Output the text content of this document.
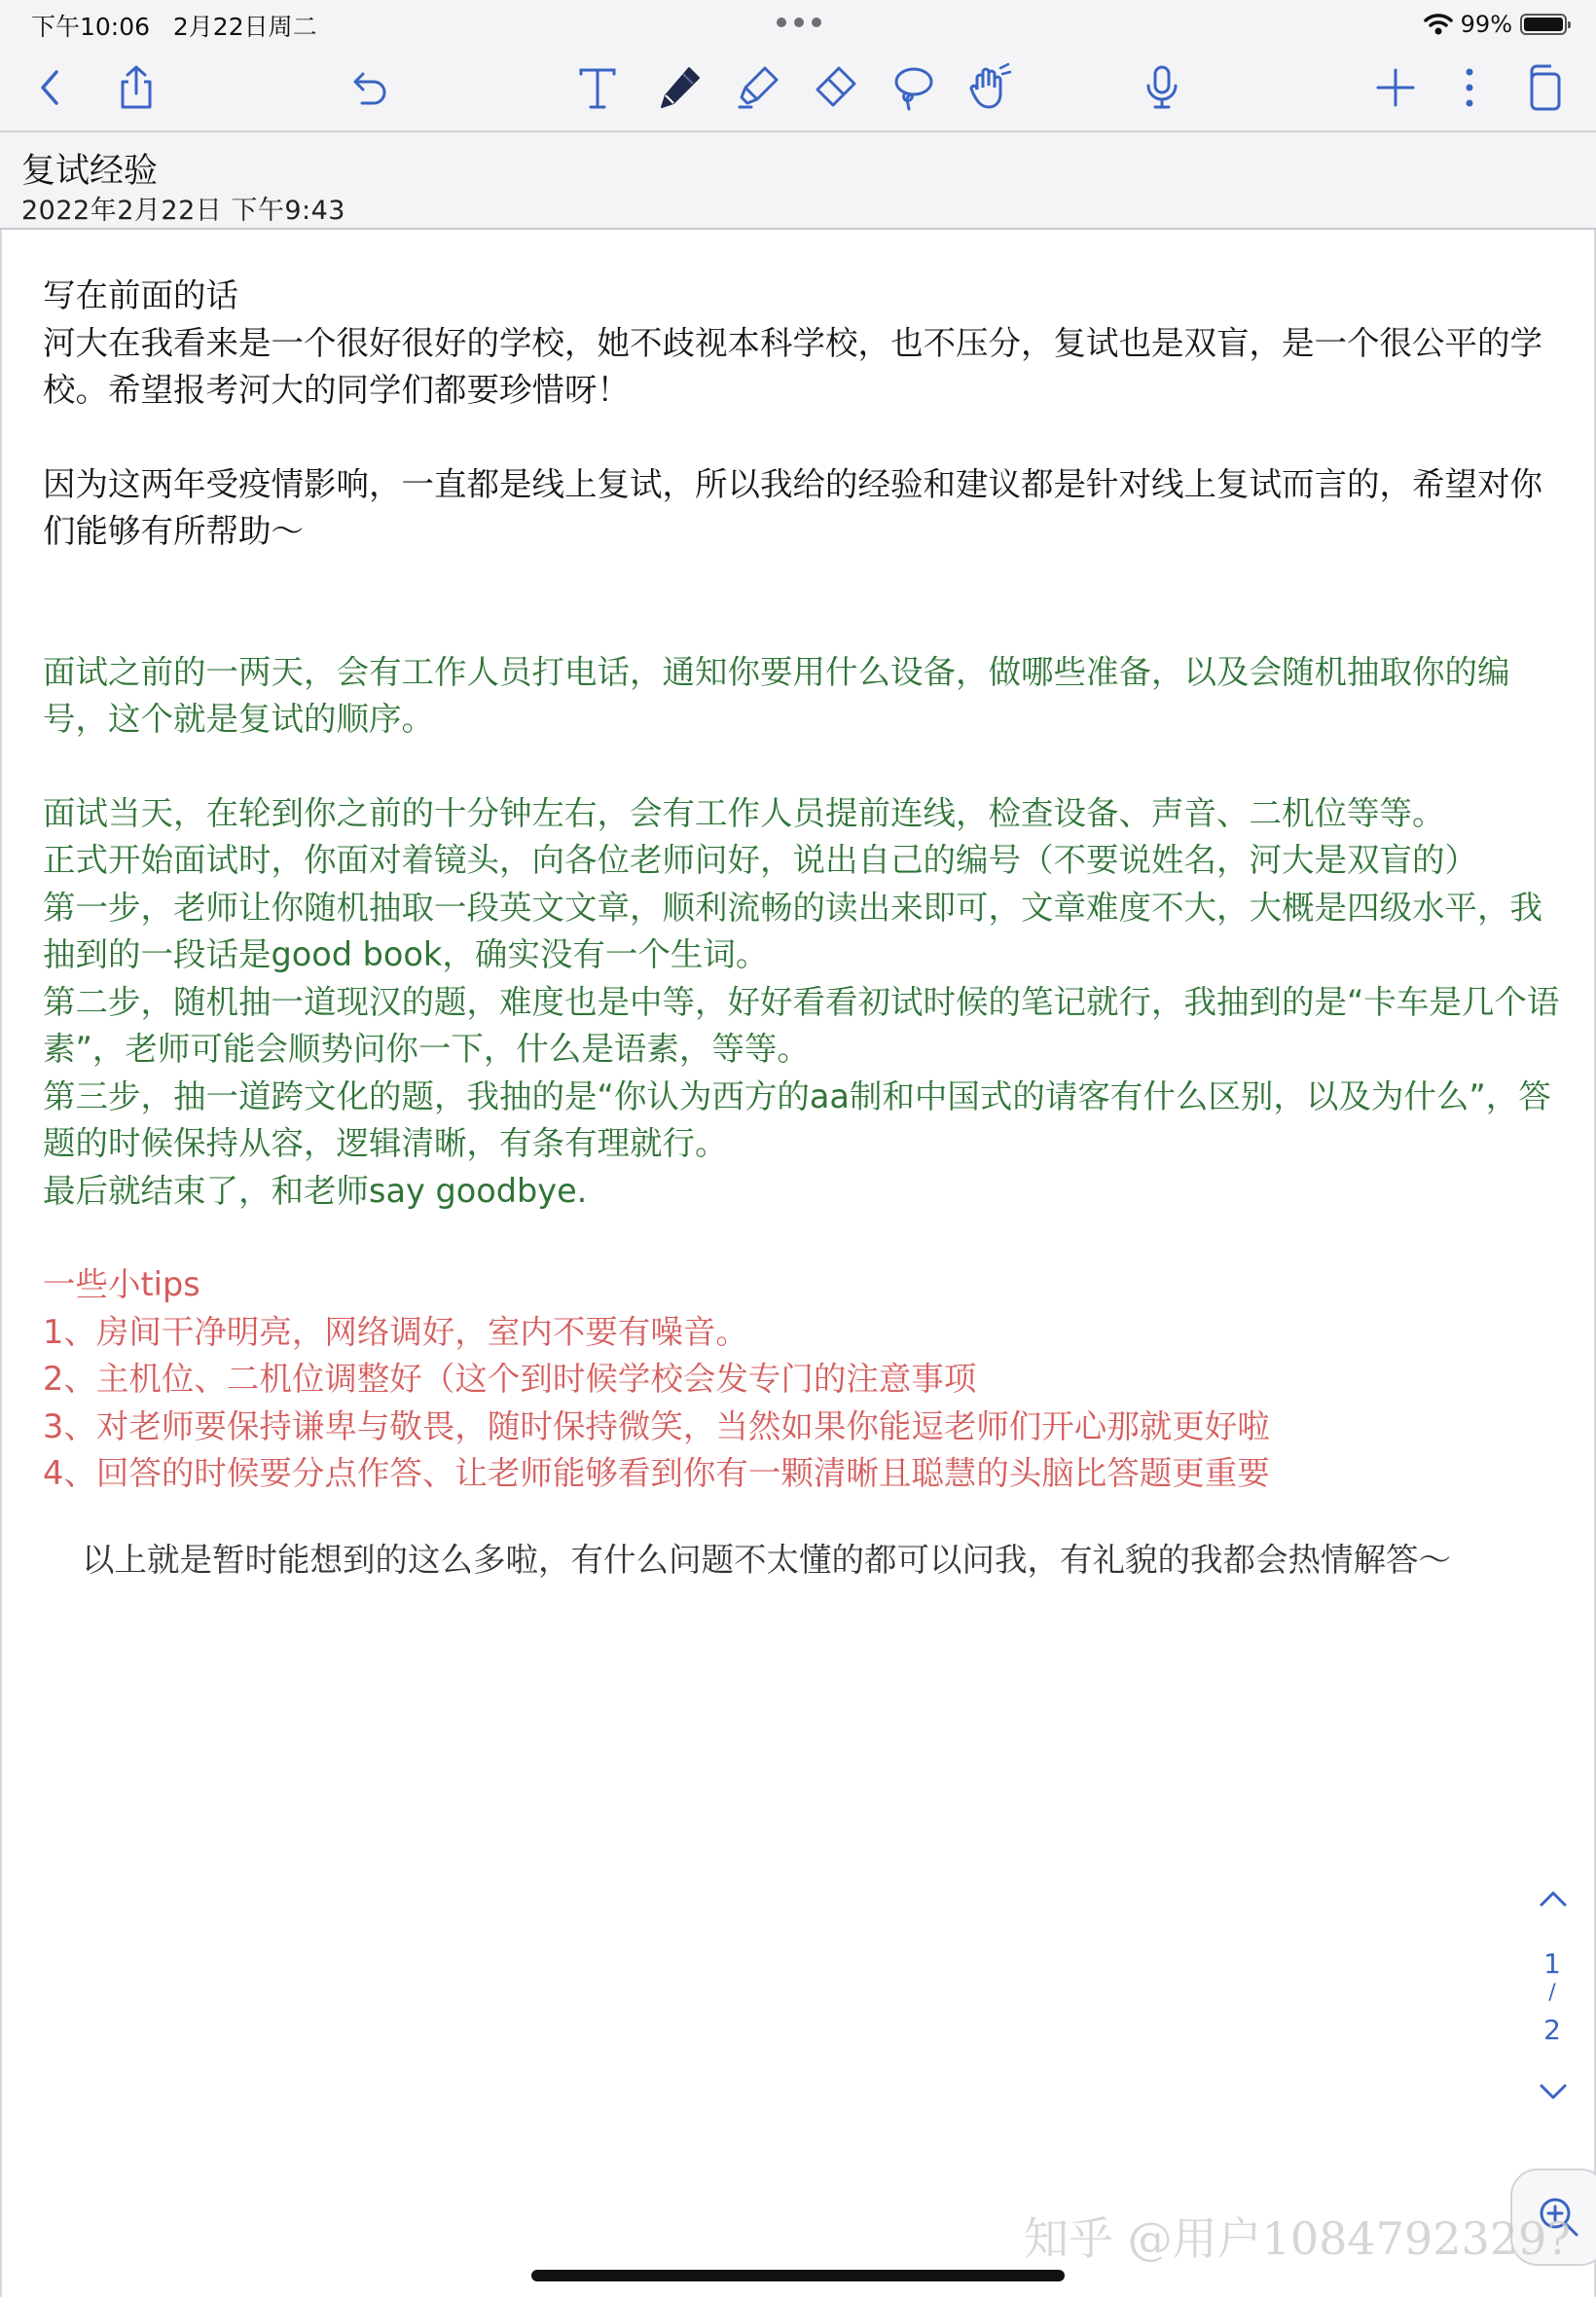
下午10:06 2月22日周二	99%
复试经验
2022年2月22日 下午9:43

写在前面的话

河大在我看来是一个很好很好的学校，她不歧视本科学校，也不压分，复试也是双盲，是一个很公平的学校。希望报考河大的同学们都要珍惜呀！

因为这两年受疫情影响，一直都是线上复试，所以我给的经验和建议都是针对线上复试而言的，希望对你们能够有所帮助～

面试之前的一两天，会有工作人员打电话，通知你要用什么设备，做哪些准备，以及会随机抽取你的编号，这个就是复试的顺序。

面试当天，在轮到你之前的十分钟左右，会有工作人员提前连线，检查设备、声音、二机位等等。

正式开始面试时，你面对着镜头，向各位老师问好，说出自己的编号（不要说姓名，河大是双盲的）

第一步，老师让你随机抽取一段英文文章，顺利流畅的读出来即可，文章难度不大，大概是四级水平，我抽到的一段话是good book，确实没有一个生词。

第二步，随机抽一道现汉的题，难度也是中等，好好看看初试时候的笔记就行，我抽到的是“卡车是几个语素”，老师可能会顺势问你一下，什么是语素，等等。

第三步，抽一道跨文化的题，我抽的是“你认为西方的aa制和中国式的请客有什么区别，以及为什么”，答题的时候保持从容，逻辑清晰，有条有理就行。

最后就结束了，和老师say goodbye.

一些小tips

1、房间干净明亮，网络调好，室内不要有噪音。

2、主机位、二机位调整好（这个到时候学校会发专门的注意事项

3、对老师要保持谦卑与敬畏，随时保持微笑，当然如果你能逗老师们开心那就更好啦

4、回答的时候要分点作答、让老师能够看到你有一颗清晰且聪慧的头脑比答题更重要

以上就是暂时能想到的这么多啦，有什么问题不太懂的都可以问我，有礼貌的我都会热情解答～

1
/
2
知乎 @用户1084792329?
